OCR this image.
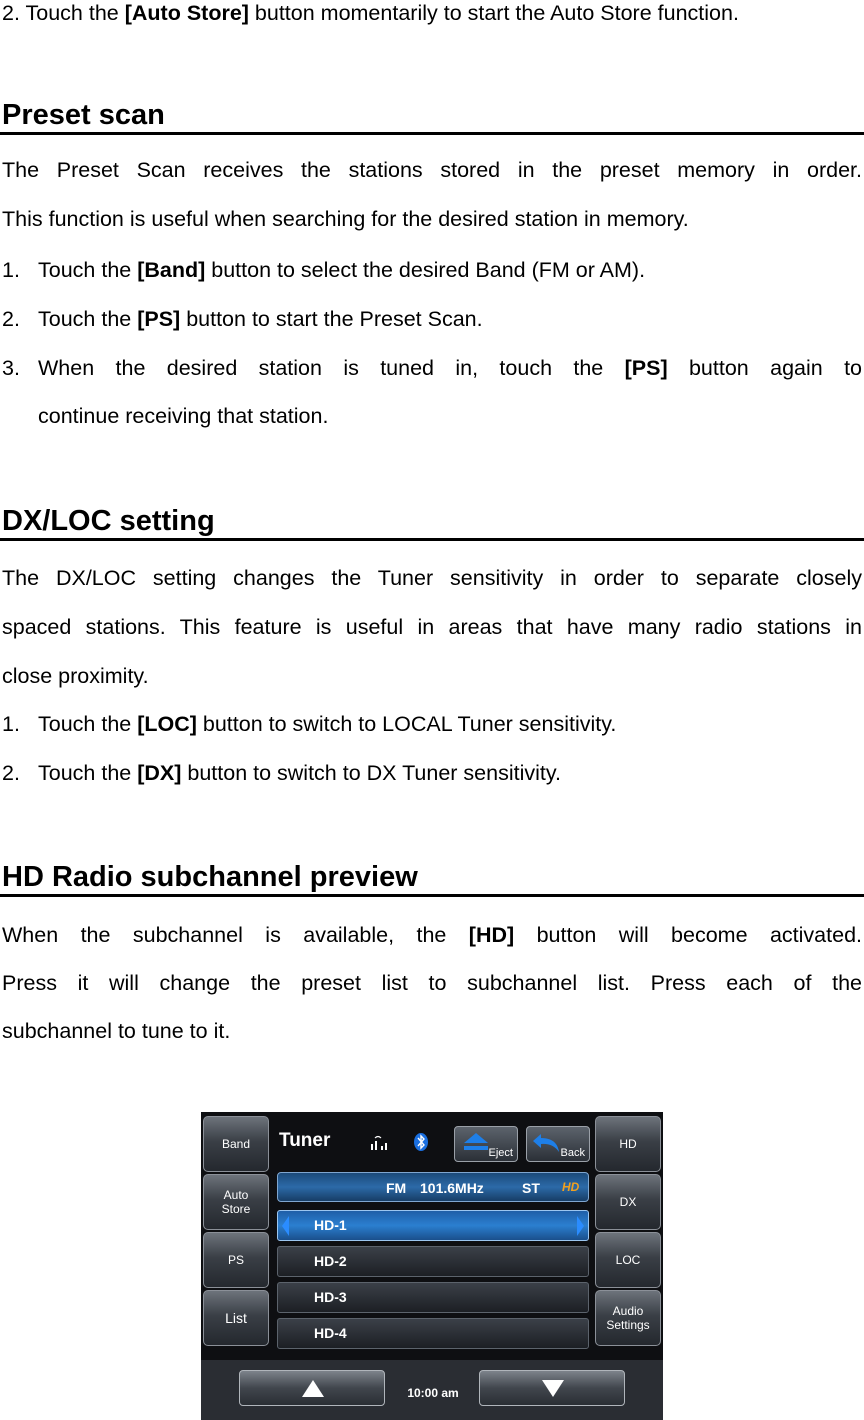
2. Touch the [Auto Store] button momentarily to start the Auto Store function.
Preset scan
The Preset Scan receives the stations stored in the preset memory in order.
This function is useful when searching for the desired station in memory.
1. Touch the [Band] button to select the desired Band (FM or AM).
2. Touch the [PS] button to start the Preset Scan.
3. When the desired station is tuned in, touch the [PS] button again to
continue receiving that station.
DX/LOC setting
The DX/LOC setting changes the Tuner sensitivity in order to separate closely
spaced stations. This feature is useful in areas that have many radio stations in
close proximity.
1. Touch the [LOC] button to switch to LOCAL Tuner sensitivity.
2. Touch the [DX] button to switch to DX Tuner sensitivity.
HD Radio subchannel preview
When the subchannel is available, the [HD] button will become activated.
Press it will change the preset list to subchannel list. Press each of the
subchannel to tune to it.
Band
Auto
Store
PS
List
HD
DX
LOC
Audio
Settings
Tuner
Eject	Back
FM 101.6MHz	ST HD
HD-1
HD-2
HD-3
HD-4
10:00 am
